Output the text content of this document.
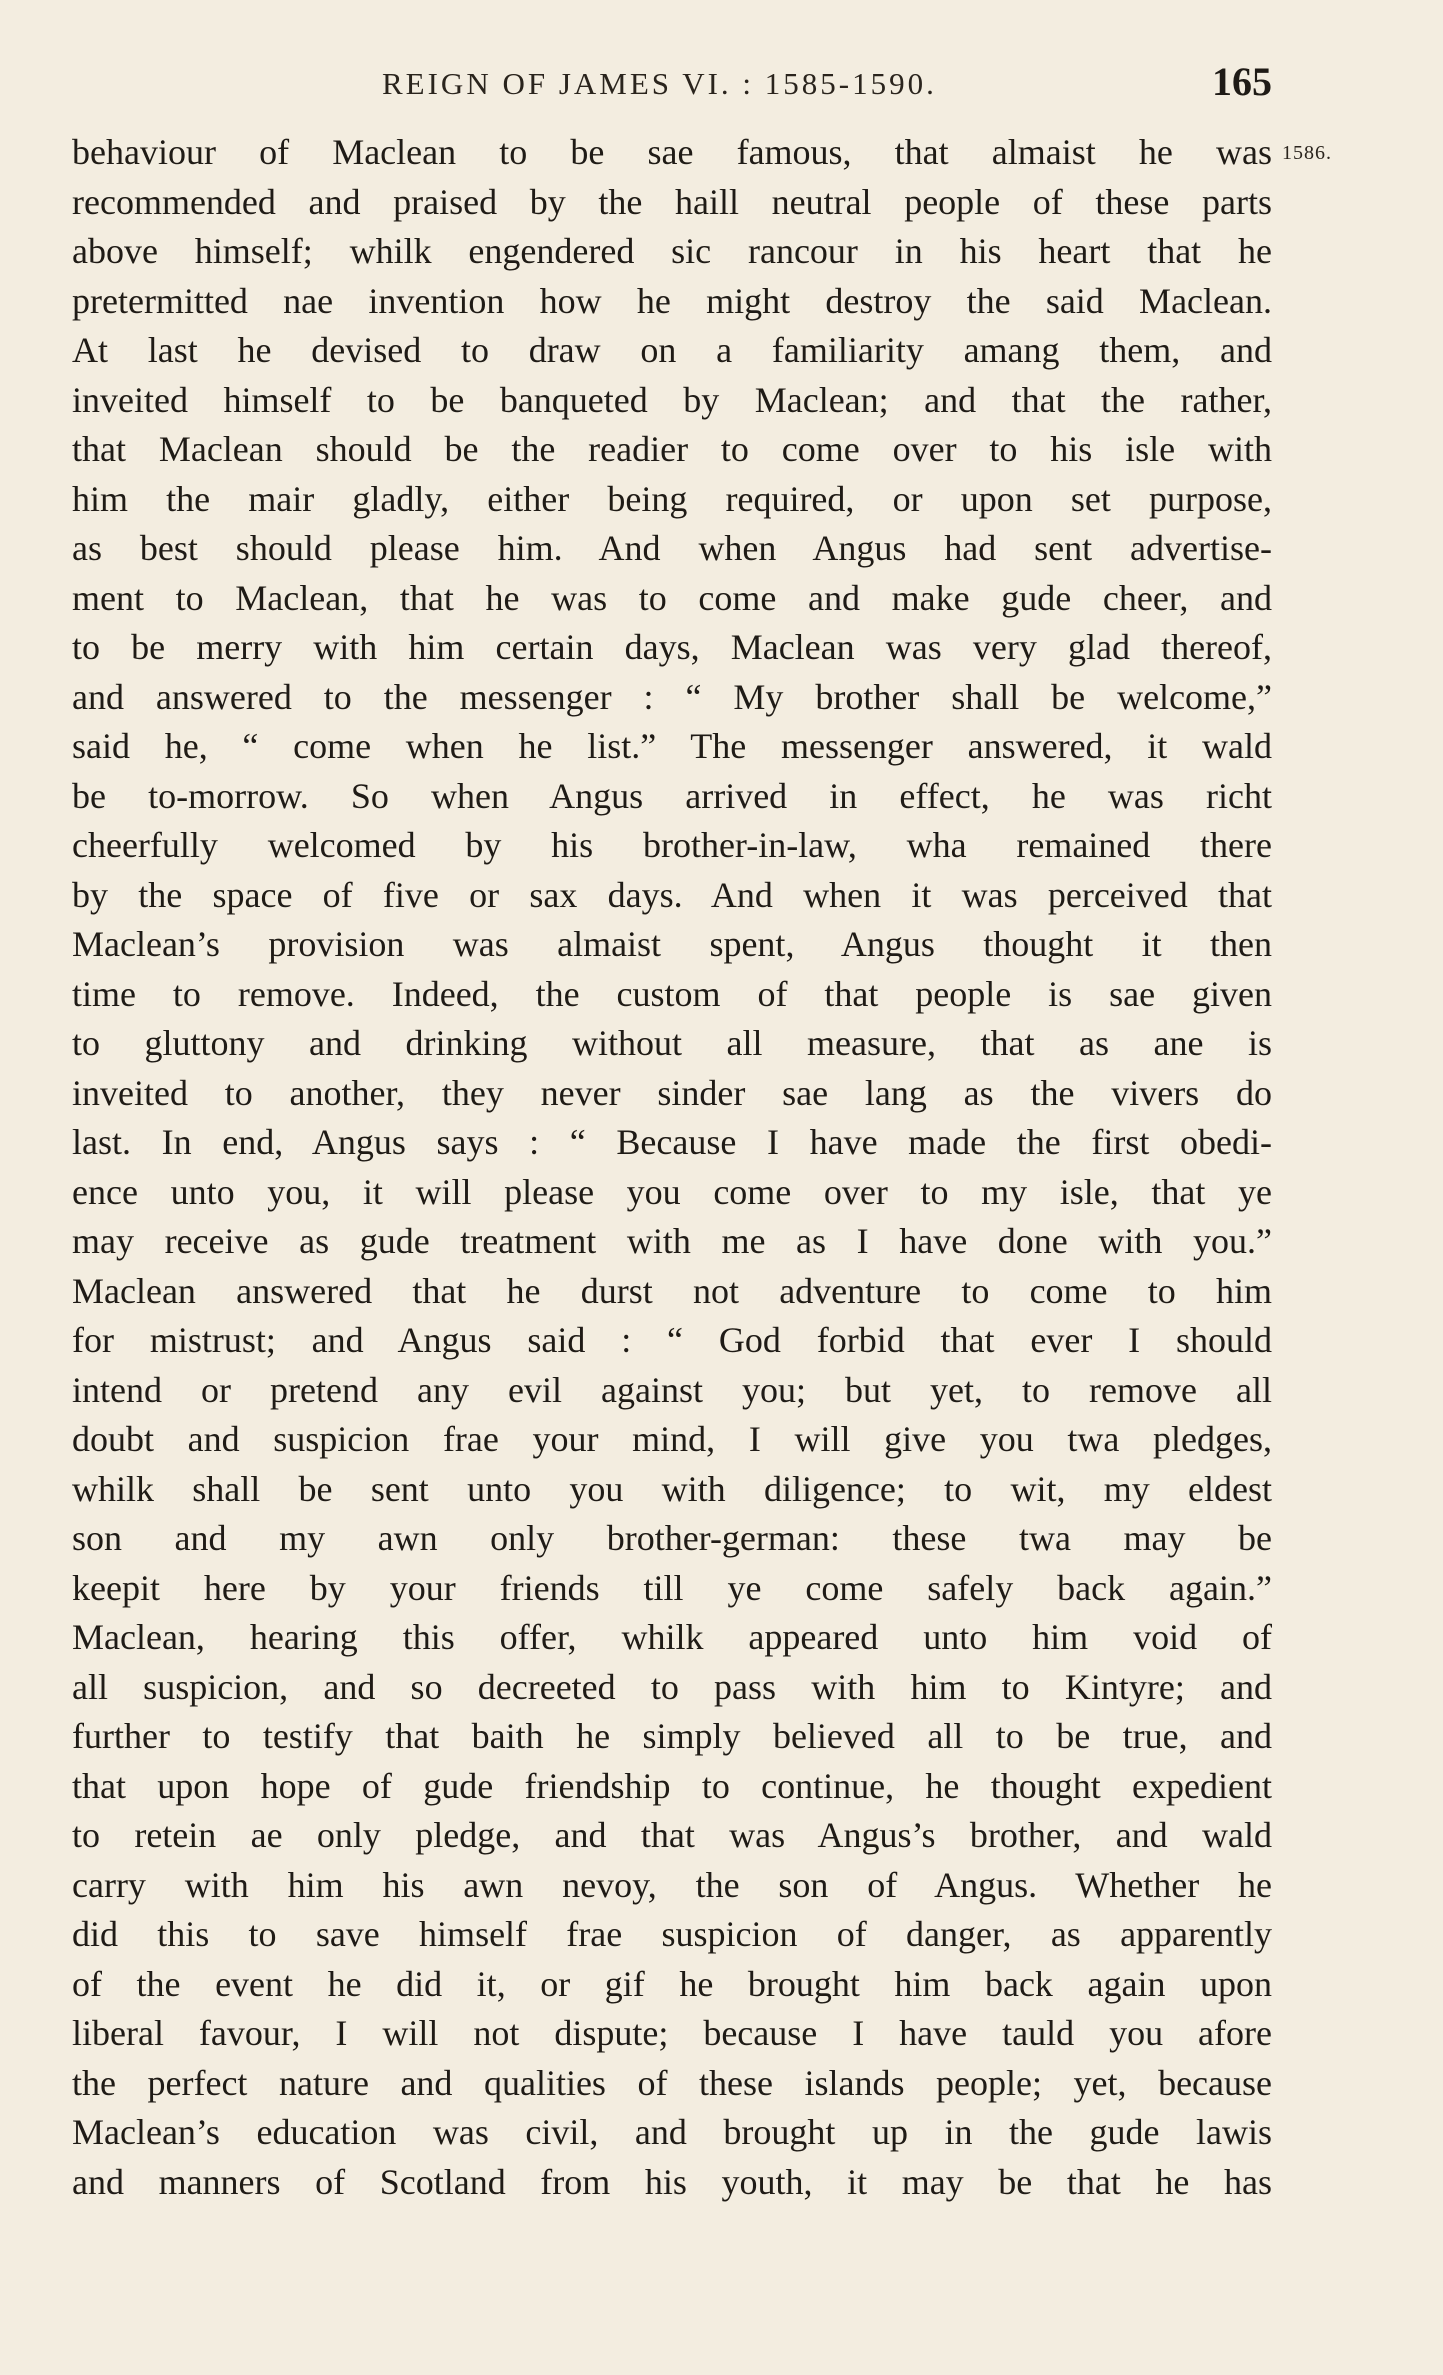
REIGN OF JAMES VI. : 1585-1590.	165
1586.
behaviour of Maclean to be sae famous, that almaist he was
recommended and praised by the haill neutral people of these parts
above himself; whilk engendered sic rancour in his heart that he
pretermitted nae invention how he might destroy the said Maclean.
At last he devised to draw on a familiarity amang them, and
inveited himself to be banqueted by Maclean; and that the rather,
that Maclean should be the readier to come over to his isle with
him the mair gladly, either being required, or upon set purpose,
as best should please him. And when Angus had sent advertise-
ment to Maclean, that he was to come and make gude cheer, and
to be merry with him certain days, Maclean was very glad thereof,
and answered to the messenger : “ My brother shall be welcome,”
said he, “ come when he list.” The messenger answered, it wald
be to-morrow. So when Angus arrived in effect, he was richt
cheerfully welcomed by his brother-in-law, wha remained there
by the space of five or sax days. And when it was perceived that
Maclean’s provision was almaist spent, Angus thought it then
time to remove. Indeed, the custom of that people is sae given
to gluttony and drinking without all measure, that as ane is
inveited to another, they never sinder sae lang as the vivers do
last. In end, Angus says : “ Because I have made the first obedi-
ence unto you, it will please you come over to my isle, that ye
may receive as gude treatment with me as I have done with you.”
Maclean answered that he durst not adventure to come to him
for mistrust; and Angus said : “ God forbid that ever I should
intend or pretend any evil against you; but yet, to remove all
doubt and suspicion frae your mind, I will give you twa pledges,
whilk shall be sent unto you with diligence; to wit, my eldest
son and my awn only brother-german: these twa may be
keepit here by your friends till ye come safely back again.”
Maclean, hearing this offer, whilk appeared unto him void of
all suspicion, and so decreeted to pass with him to Kintyre; and
further to testify that baith he simply believed all to be true, and
that upon hope of gude friendship to continue, he thought expedient
to retein ae only pledge, and that was Angus’s brother, and wald
carry with him his awn nevoy, the son of Angus. Whether he
did this to save himself frae suspicion of danger, as apparently
of the event he did it, or gif he brought him back again upon
liberal favour, I will not dispute; because I have tauld you afore
the perfect nature and qualities of these islands people; yet, because
Maclean’s education was civil, and brought up in the gude lawis
and manners of Scotland from his youth, it may be that he has
